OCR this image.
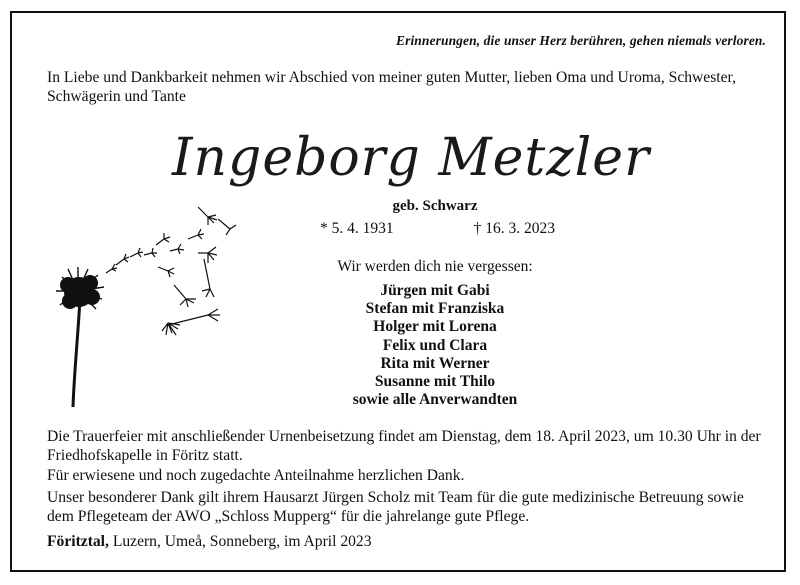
Erinnerungen, die unser Herz berühren, gehen niemals verloren.
In Liebe und Dankbarkeit nehmen wir Abschied von meiner guten Mutter, lieben Oma und Uroma, Schwester, Schwägerin und Tante
Ingeborg Metzler
geb. Schwarz
* 5. 4. 1931	† 16. 3. 2023
Wir werden dich nie vergessen:
Jürgen mit Gabi
Stefan mit Franziska
Holger mit Lorena
Felix und Clara
Rita mit Werner
Susanne mit Thilo
sowie alle Anverwandten
Die Trauerfeier mit anschließender Urnenbeisetzung findet am Dienstag, dem 18. April 2023, um 10.30 Uhr in der Friedhofskapelle in Föritz statt.
Für erwiesene und noch zugedachte Anteilnahme herzlichen Dank.
Unser besonderer Dank gilt ihrem Hausarzt Jürgen Scholz mit Team für die gute medizinische Betreuung sowie dem Pflegeteam der AWO „Schloss Mupperg“ für die jahrelange gute Pflege.
Föritztal, Luzern, Umeå, Sonneberg, im April 2023
